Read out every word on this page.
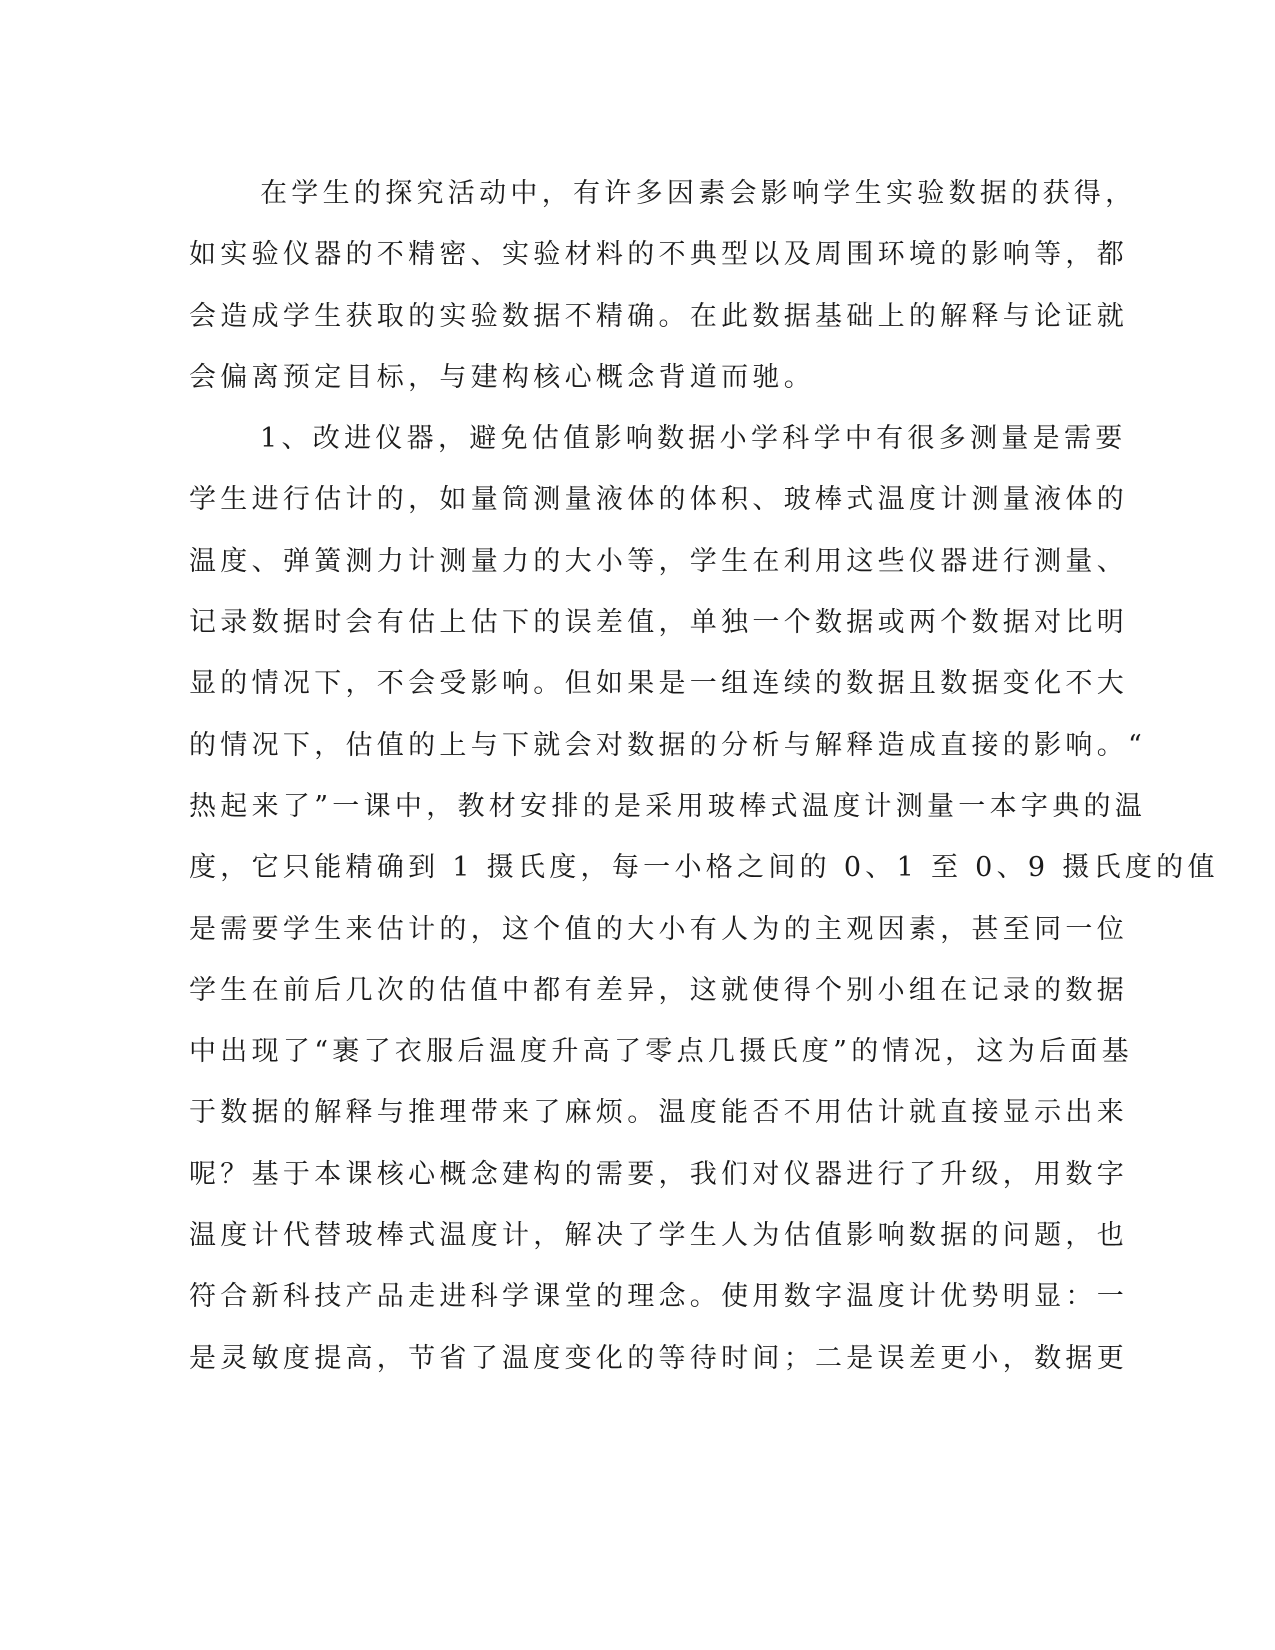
在学生的探究活动中，有许多因素会影响学生实验数据的获得，
如实验仪器的不精密、实验材料的不典型以及周围环境的影响等，都
会造成学生获取的实验数据不精确。在此数据基础上的解释与论证就
会偏离预定目标，与建构核心概念背道而驰。
1、改进仪器，避免估值影响数据小学科学中有很多测量是需要
学生进行估计的，如量筒测量液体的体积、玻棒式温度计测量液体的
温度、弹簧测力计测量力的大小等，学生在利用这些仪器进行测量、
记录数据时会有估上估下的误差值，单独一个数据或两个数据对比明
显的情况下，不会受影响。但如果是一组连续的数据且数据变化不大
的情况下，估值的上与下就会对数据的分析与解释造成直接的影响。“
热起来了”一课中，教材安排的是采用玻棒式温度计测量一本字典的温
度，它只能精确到 1 摄氏度，每一小格之间的 0、1 至 0、9 摄氏度的值
是需要学生来估计的，这个值的大小有人为的主观因素，甚至同一位
学生在前后几次的估值中都有差异，这就使得个别小组在记录的数据
中出现了“裹了衣服后温度升高了零点几摄氏度”的情况，这为后面基
于数据的解释与推理带来了麻烦。温度能否不用估计就直接显示出来
呢？基于本课核心概念建构的需要，我们对仪器进行了升级，用数字
温度计代替玻棒式温度计，解决了学生人为估值影响数据的问题，也
符合新科技产品走进科学课堂的理念。使用数字温度计优势明显：一
是灵敏度提高，节省了温度变化的等待时间；二是误差更小，数据更
